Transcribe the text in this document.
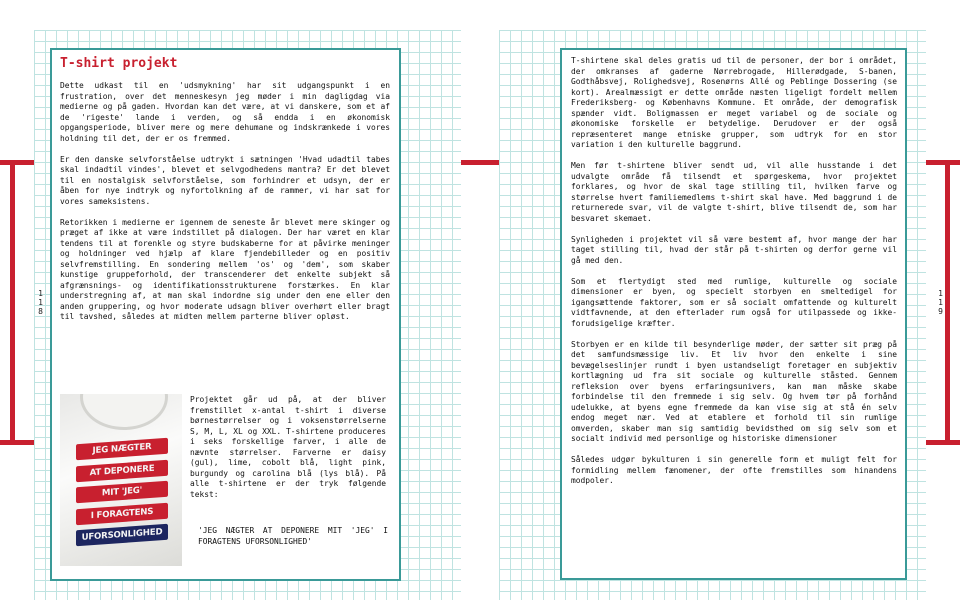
118	119
T-shirt projekt

Dette udkast til en 'udsmykning' har sit udgangspunkt i en frustration, over det menneskesyn jeg møder i min dagligdag via medierne og på gaden. Hvordan kan det være, at vi danskere, som et af de 'rigeste' lande i verden, og så endda i en økonomisk opgangsperiode, bliver mere og mere dehumane og indskrænkede i vores holdning til det, der er os fremmed.

Er den danske selvforståelse udtrykt i sætningen 'Hvad udadtil tabes skal indadtil vindes', blevet et selvgodhedens mantra? Er det blevet til en nostalgisk selvforståelse, som forhindrer et udsyn, der er åben for nye indtryk og nyfortolkning af de rammer, vi har sat for vores sameksistens.

Retorikken i medierne er igennem de seneste år blevet mere skinger og præget af ikke at være indstillet på dialogen. Der har været en klar tendens til at forenkle og styre budskaberne for at påvirke meninger og holdninger ved hjælp af klare fjendebilleder og en positiv selvfremstilling. En sondering mellem 'os' og 'dem', som skaber kunstige gruppeforhold, der transcenderer det enkelte subjekt så afgrænsnings- og identifikationsstrukturene forstærkes. En klar understregning af, at man skal indordne sig under den ene eller den anden gruppering, og hvor moderate udsagn bliver overhørt eller bragt til tavshed, således at midten mellem parterne bliver opløst.

JEG NÆGTER
AT DEPONERE
MIT 'JEG'
I FORAGTENS
UFORSONLIGHED

Projektet går ud på, at der bliver fremstillet x-antal t-shirt i diverse børnestørrelser og i voksenstørrelserne S, M, L, XL og XXL. T-shirtene produceres i seks forskellige farver, i alle de nævnte størrelser. Farverne er daisy (gul), lime, cobolt blå, light pink, burgundy og carolina blå (lys blå). På alle t-shirtene er der tryk følgende tekst:

'JEG NÆGTER AT DEPONERE MIT 'JEG' I FORAGTENS UFORSONLIGHED'

T-shirtene skal deles gratis ud til de personer, der bor i området, der omkranses af gaderne Nørrebrogade, Hillerødgade, S-banen, Godthåbsvej, Rolighedsvej, Rosenørns Allé og Peblinge Dossering (se kort). Arealmæssigt er dette område næsten ligeligt fordelt mellem Frederiksberg- og Københavns Kommune. Et område, der demografisk spænder vidt. Boligmassen er meget variabel og de sociale og økonomiske forskelle er betydelige. Derudover er der også repræsenteret mange etniske grupper, som udtryk for en stor variation i den kulturelle baggrund.

Men før t-shirtene bliver sendt ud, vil alle husstande i det udvalgte område få tilsendt et spørgeskema, hvor projektet forklares, og hvor de skal tage stilling til, hvilken farve og størrelse hvert familiemedlems t-shirt skal have. Med baggrund i de returnerede svar, vil de valgte t-shirt, blive tilsendt de, som har besvaret skemaet.

Synligheden i projektet vil så være bestemt af, hvor mange der har taget stilling til, hvad der står på t-shirten og derfor gerne vil gå med den.

Som et flertydigt sted med rumlige, kulturelle og sociale dimensioner er byen, og specielt storbyen en smeltedigel for igangsættende faktorer, som er så socialt omfattende og kulturelt vidtfavnende, at den efterlader rum også for utilpassede og ikke-forudsigelige kræfter.

Storbyen er en kilde til besynderlige møder, der sætter sit præg på det samfundsmæssige liv. Et liv hvor den enkelte i sine bevægelseslinjer rundt i byen ustandseligt foretager en subjektiv kortlægning ud fra sit sociale og kulturelle ståsted. Gennem refleksion over byens erfaringsunivers, kan man måske skabe forbindelse til den fremmede i sig selv. Og hvem tør på forhånd udelukke, at byens egne fremmede da kan vise sig at stå én selv endog meget nær. Ved at etablere et forhold til sin rumlige omverden, skaber man sig samtidig bevidsthed om sig selv som et socialt individ med personlige og historiske dimensioner

Således udgør bykulturen i sin generelle form et muligt felt for formidling mellem fænomener, der ofte fremstilles som hinandens modpoler.
